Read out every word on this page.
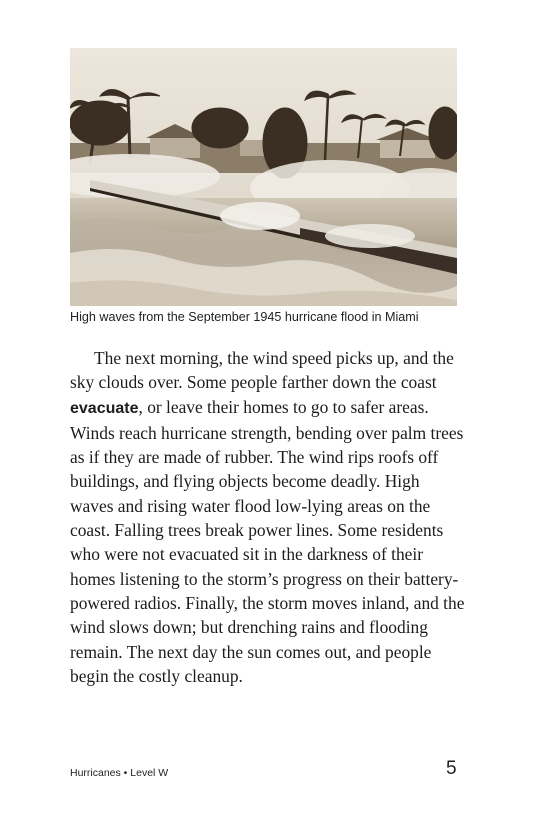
High waves from the September 1945 hurricane flood in Miami

The next morning, the wind speed picks up, and the sky clouds over. Some people farther down the coast evacuate, or leave their homes to go to safer areas. Winds reach hurricane strength, bending over palm trees as if they are made of rubber. The wind rips roofs off buildings, and flying objects become deadly. High waves and rising water flood low-lying areas on the coast. Falling trees break power lines. Some residents who were not evacuated sit in the darkness of their homes listening to the storm’s progress on their battery-powered radios. Finally, the storm moves inland, and the wind slows down; but drenching rains and flooding remain. The next day the sun comes out, and people begin the costly cleanup.

Hurricanes • Level W	5
